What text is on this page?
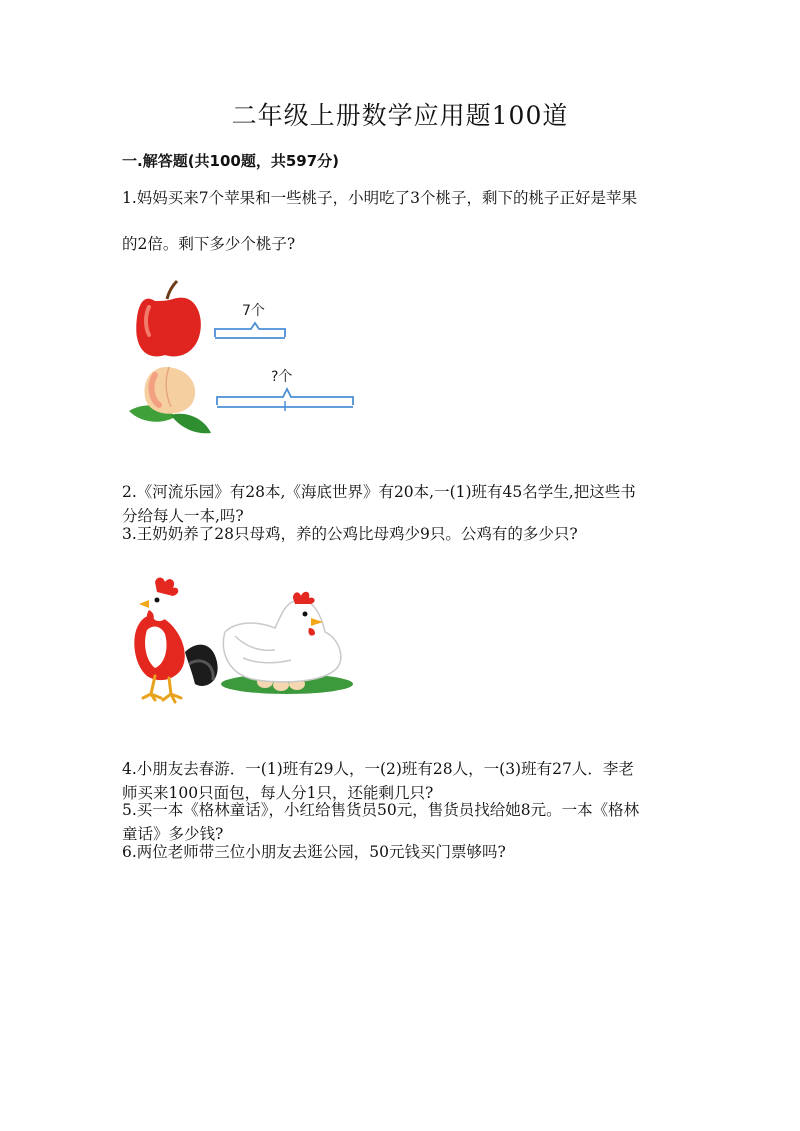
二年级上册数学应用题100道
一.解答题(共100题，共597分)
1.妈妈买来7个苹果和一些桃子，小明吃了3个桃子，剩下的桃子正好是苹果
的2倍。剩下多少个桃子?
7个
?个
2.《河流乐园》有28本,《海底世界》有20本,一(1)班有45名学生,把这些书
分给每人一本,吗?
3.王奶奶养了28只母鸡，养的公鸡比母鸡少9只。公鸡有的多少只?
4.小朋友去春游．一(1)班有29人，一(2)班有28人，一(3)班有27人．李老
师买来100只面包，每人分1只，还能剩几只?
5.买一本《格林童话》，小红给售货员50元，售货员找给她8元。一本《格林
童话》多少钱?
6.两位老师带三位小朋友去逛公园，50元钱买门票够吗?
